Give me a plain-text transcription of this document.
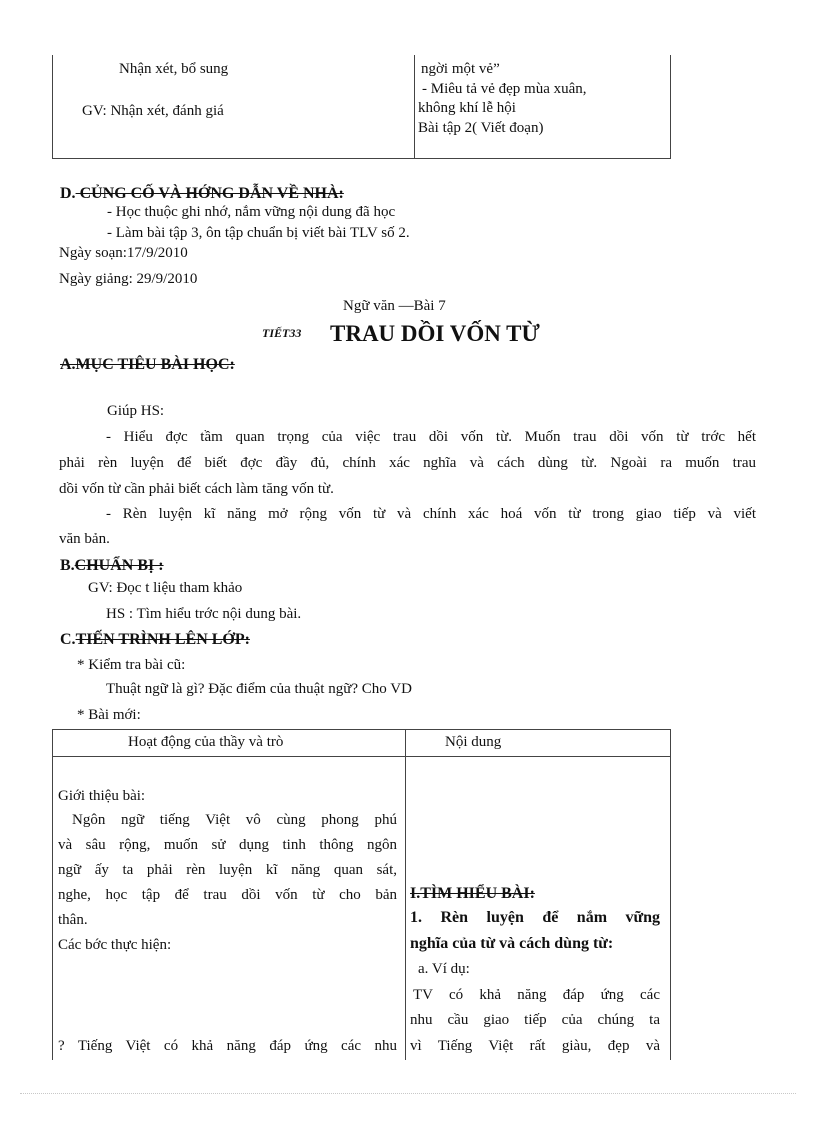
Nhận xét, bổ sung
GV: Nhận xét, đánh giá
ngời một vẻ”
- Miêu tả vẻ đẹp mùa xuân,
không khí lễ hội
Bài tập 2( Viết đoạn)
D. CỦNG CỐ VÀ HỚNG DẪN VỀ NHÀ:
- Học thuộc ghi nhớ, nắm vững nội dung đã học
- Làm bài tập 3, ôn tập chuẩn bị viết bài TLV số 2.
Ngày soạn:17/9/2010
Ngày giảng: 29/9/2010
Ngữ văn —Bài 7
TIẾT33 TRAU DỒI VỐN TỪ
A.MỤC TIÊU BÀI HỌC:
Giúp HS:
- Hiểu đợc tầm quan trọng của việc trau dồi vốn từ. Muốn trau dồi vốn từ trớc hết
phải rèn luyện để biết đợc đầy đủ, chính xác nghĩa và cách dùng từ. Ngoài ra muốn trau
dồi vốn từ cần phải biết cách làm tăng vốn từ.
- Rèn luyện kĩ năng mở rộng vốn từ và chính xác hoá vốn từ trong giao tiếp và viết
văn bản.
B.CHUẨN BỊ :
GV: Đọc t liệu tham khảo
HS : Tìm hiểu trớc nội dung bài.
C.TIẾN TRÌNH LÊN LỚP:
* Kiểm tra bài cũ:
Thuật ngữ là gì? Đặc điểm của thuật ngữ? Cho VD
* Bài mới:
Hoạt động của thầy và trò	Nội dung
Giới thiệu bài:
Ngôn ngữ tiếng Việt vô cùng phong phú
và sâu rộng, muốn sử dụng tinh thông ngôn
ngữ ấy ta phải rèn luyện kĩ năng quan sát,
nghe, học tập để trau dồi vốn từ cho bản
thân.
Các bớc thực hiện:
? Tiếng Việt có khả năng đáp ứng các nhu
I.TÌM HIỂU BÀI:
1. Rèn luyện để nắm vững
nghĩa của từ và cách dùng từ:
a. Ví dụ:
TV có khả năng đáp ứng các
nhu cầu giao tiếp của chúng ta
vì Tiếng Việt rất giàu, đẹp và
